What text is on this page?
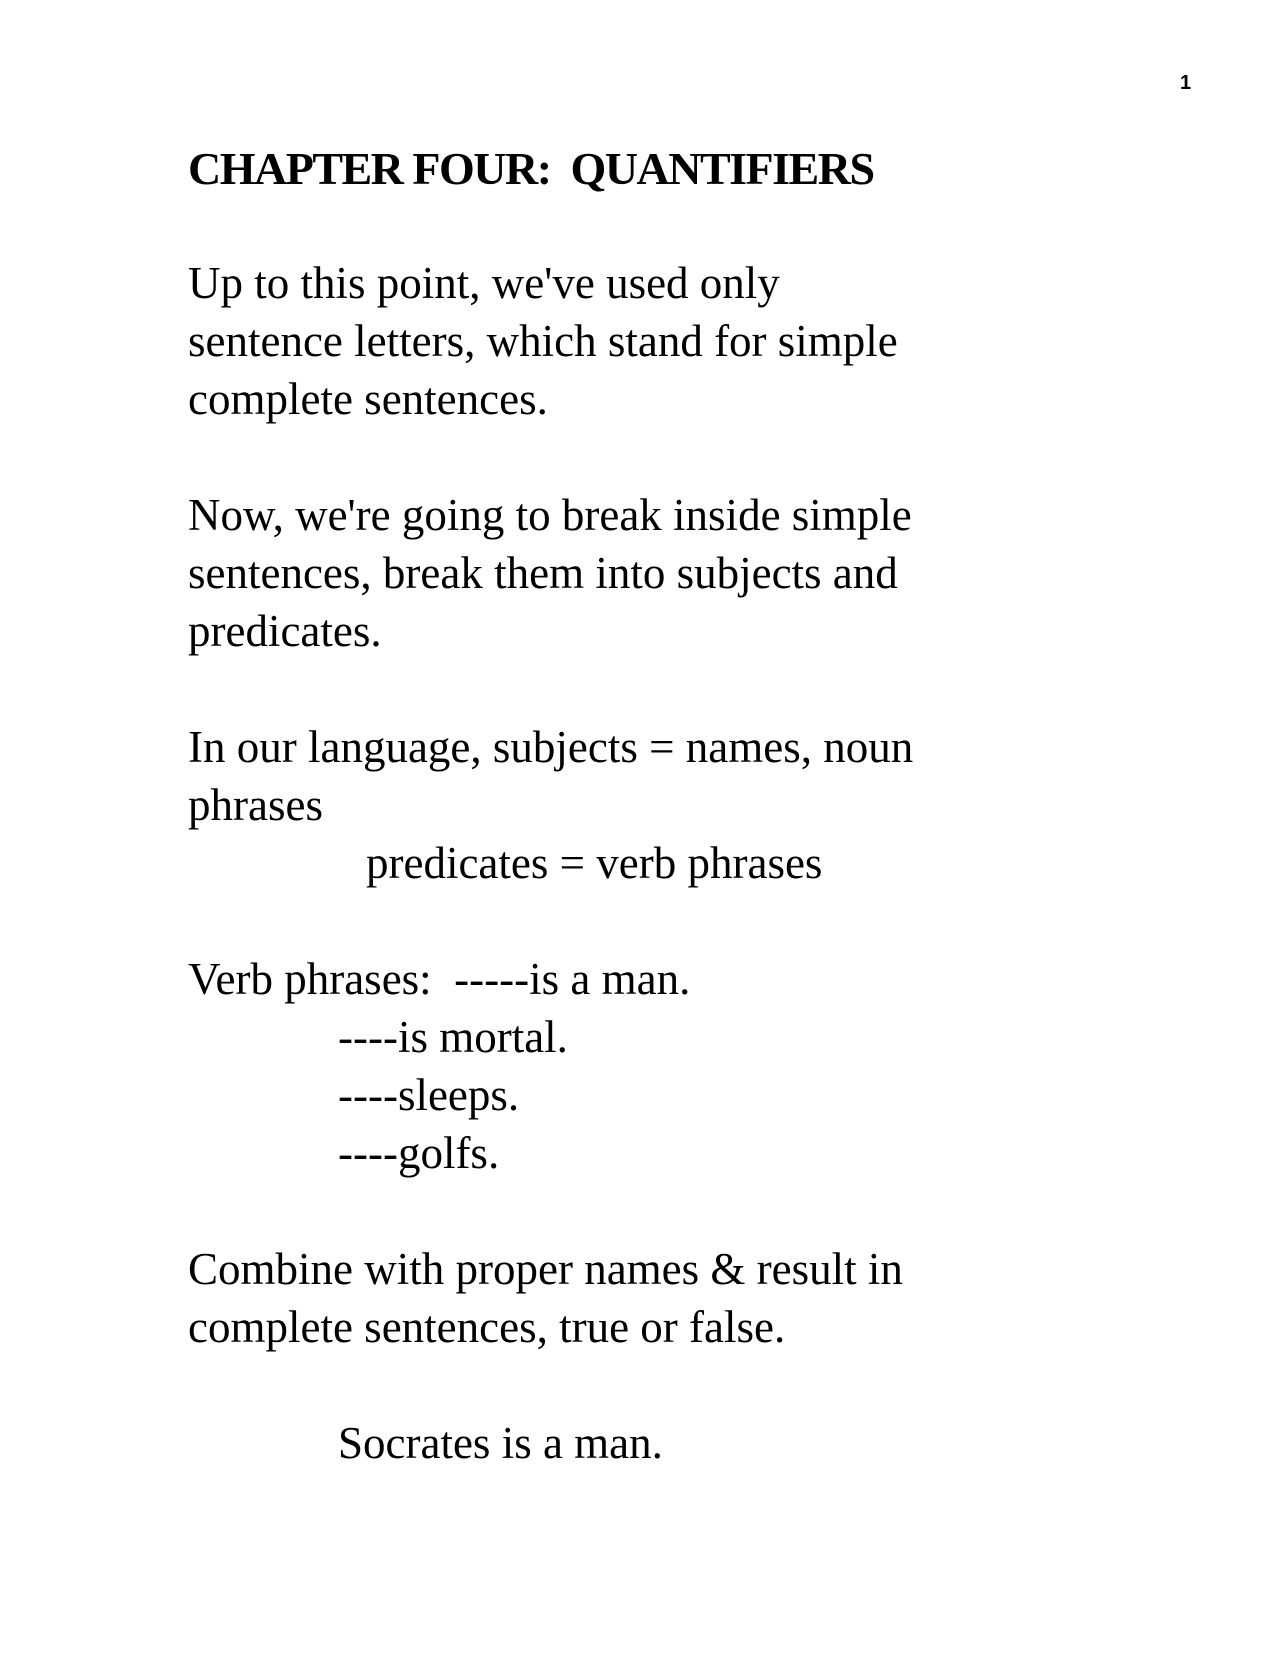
1
CHAPTER FOUR:  QUANTIFIERS
Up to this point, we've used only
sentence letters, which stand for simple
complete sentences.
Now, we're going to break inside simple
sentences, break them into subjects and
predicates.
In our language, subjects = names, noun
phrases
predicates = verb phrases
Verb phrases:  -----is a man.
----is mortal.
----sleeps.
----golfs.
Combine with proper names & result in
complete sentences, true or false.
Socrates is a man.
